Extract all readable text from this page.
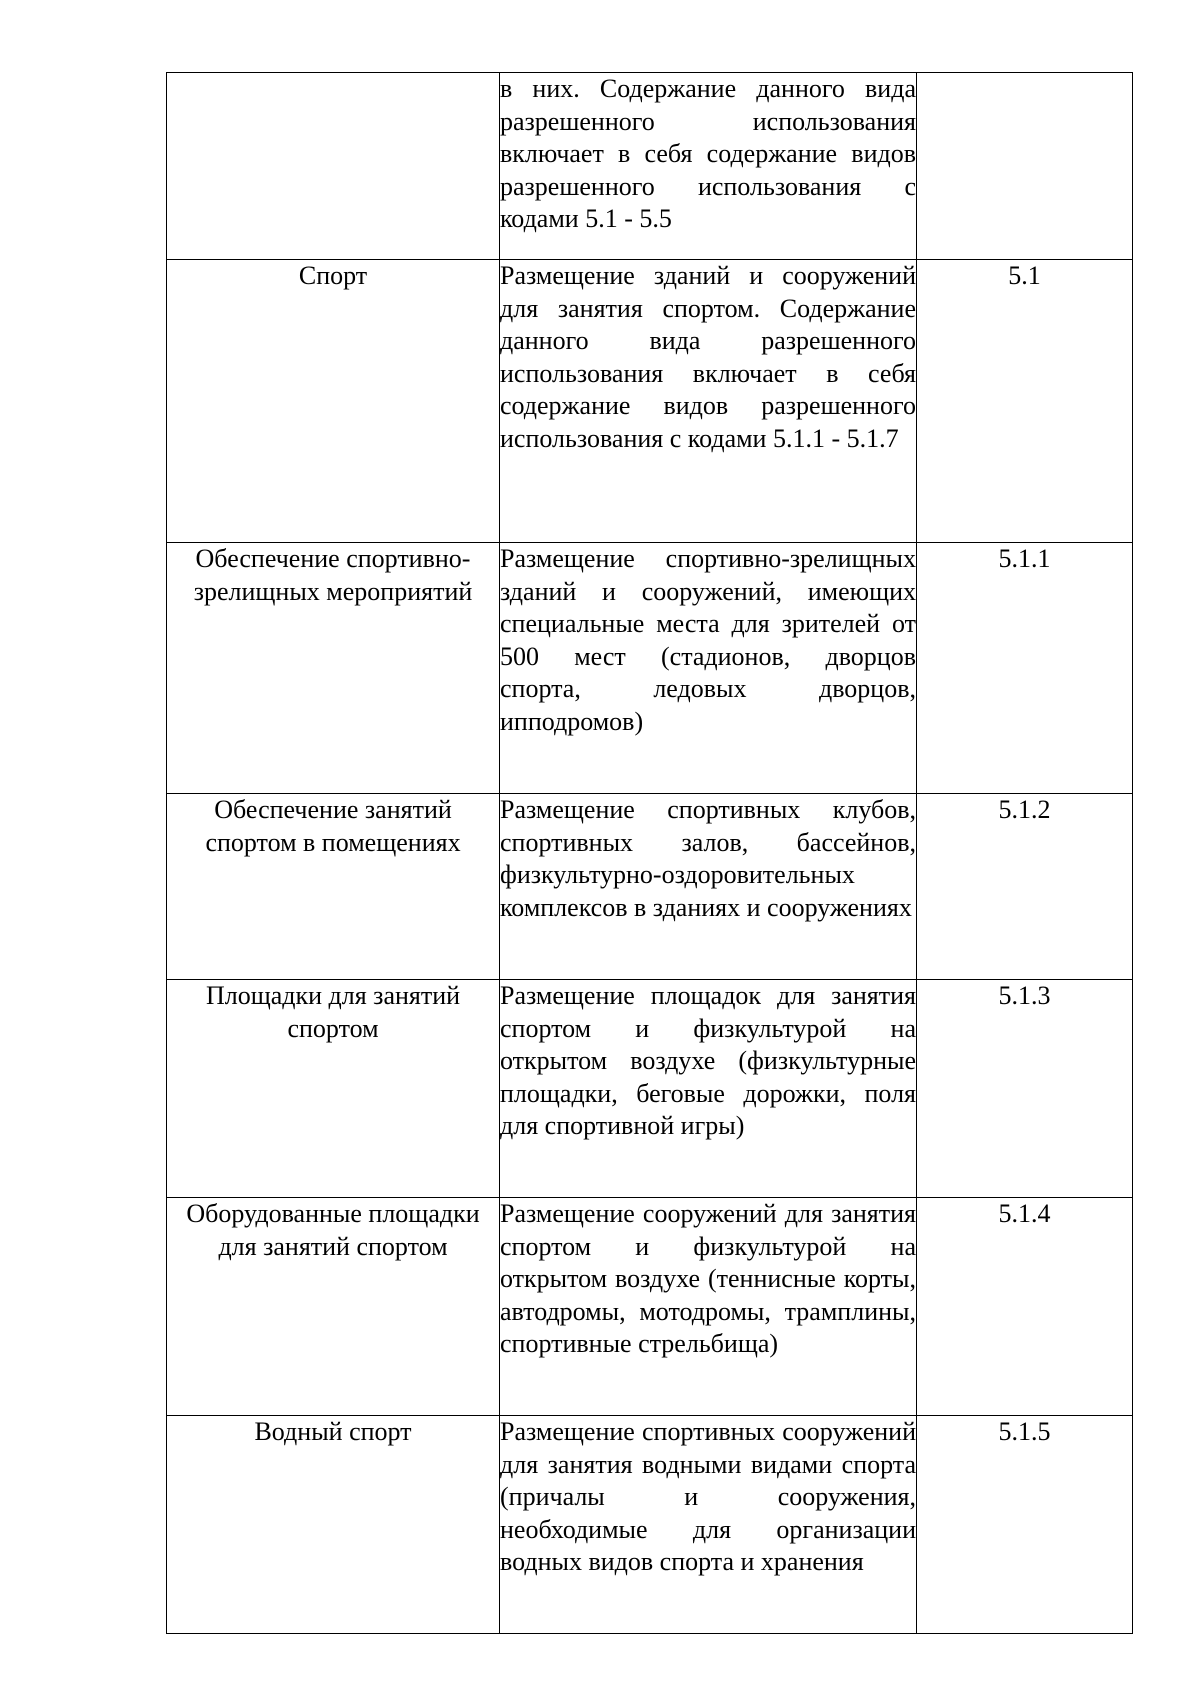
	в них. Содержание данного вида разрешенного использования включает в себя содержание видов разрешенного использования с кодами 5.1 - 5.5	

Спорт	Размещение зданий и сооружений для занятия спортом. Содержание данного вида разрешенного использования включает в себя содержание видов разрешенного использования с кодами 5.1.1 - 5.1.7	5.1
Обеспечение спортивно-зрелищных мероприятий	Размещение спортивно-зрелищных зданий и сооружений, имеющих специальные места для зрителей от 500 мест (стадионов, дворцов спорта, ледовых дворцов, ипподромов)	5.1.1
Обеспечение занятий спортом в помещениях	Размещение спортивных клубов, спортивных залов, бассейнов, физкультурно-оздоровительных комплексов в зданиях и сооружениях	5.1.2
Площадки для занятий спортом	Размещение площадок для занятия спортом и физкультурой на открытом воздухе (физкультурные площадки, беговые дорожки, поля для спортивной игры)	5.1.3
Оборудованные площадки для занятий спортом	Размещение сооружений для занятия спортом и физкультурой на открытом воздухе (теннисные корты, автодромы, мотодромы, трамплины, спортивные стрельбища)	5.1.4
Водный спорт	Размещение спортивных сооружений для занятия водными видами спорта (причалы и сооружения, необходимые для организации водных видов спорта и хранения	5.1.5
